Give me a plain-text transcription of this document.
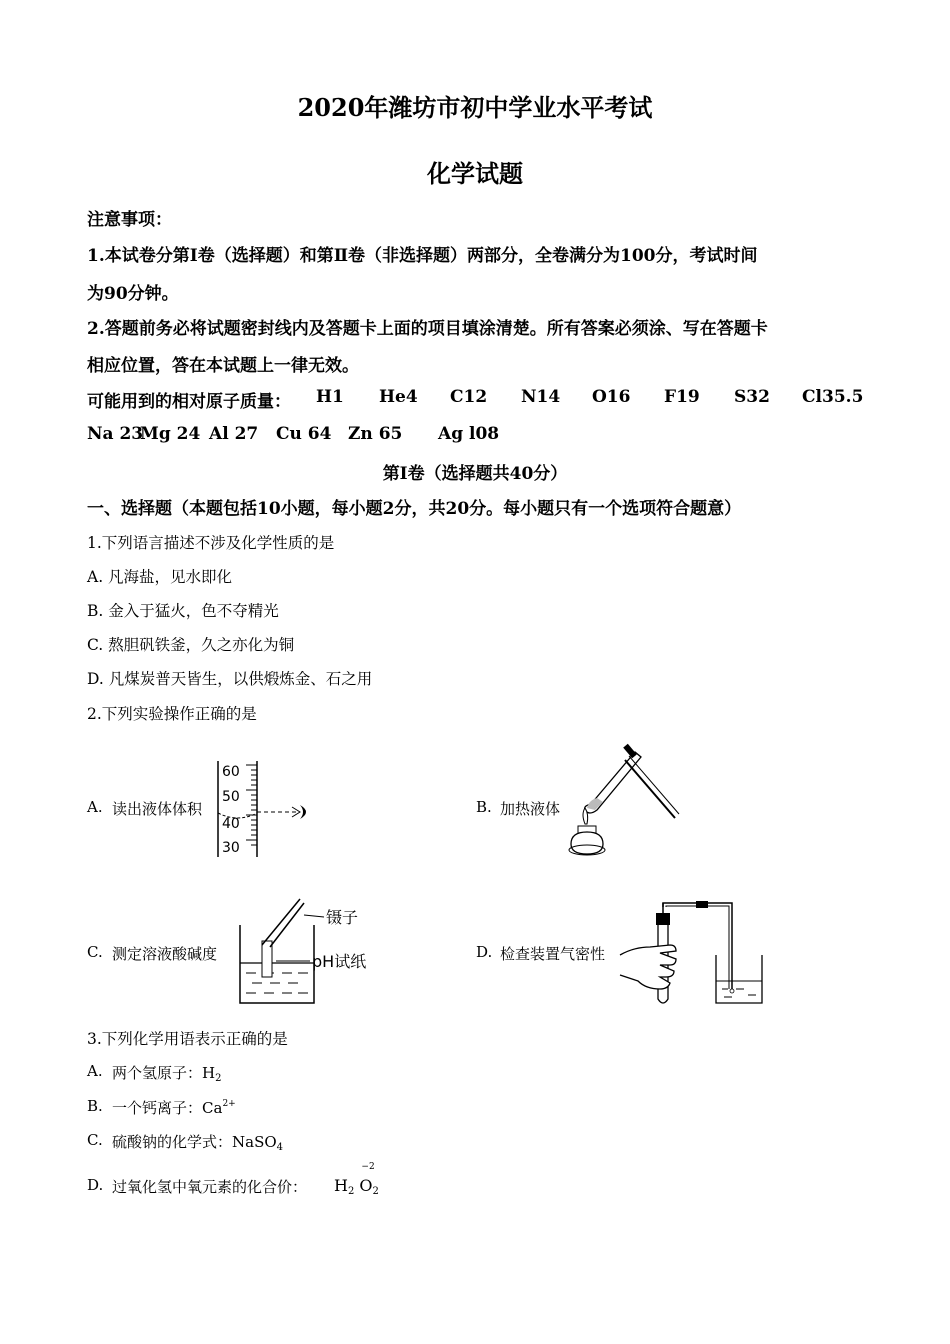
2020年潍坊市初中学业水平考试
化学试题
注意事项：
1.本试卷分第Ⅰ卷（选择题）和第Ⅱ卷（非选择题）两部分，全卷满分为100分，考试时间
为90分钟。
2.答题前务必将试题密封线内及答题卡上面的项目填涂清楚。所有答案必须涂、写在答题卡
相应位置，答在本试题上一律无效。
可能用到的相对原子质量： H1 He4 C12 N14 O16 F19 S32 Cl35.5
Na 23
Mg 24 Al 27 Cu 64 Zn 65 Ag l08
第Ⅰ卷（选择题共40分）
一、选择题（本题包括10小题，每小题2分，共20分。每小题只有一个选项符合题意）
1.下列语言描述不涉及化学性质的是
A. 凡海盐，见水即化
B. 金入于猛火，色不夺精光
C. 熬胆矾铁釜，久之亦化为铜
D. 凡煤炭普天皆生，以供煅炼金、石之用
2.下列实验操作正确的是
A. 读出液体体积
60
50
40
30
B. 加热液体
C. 测定溶液酸碱度
镊子
pH试纸	D. 检查装置气密性
3.下列化学用语表示正确的是
A. 两个氢原子：$H_2$
B. 一个钙离子：$Ca^{2+}$
C. 硫酸钠的化学式：NaSO$_4$
D. 过氧化氢中氧元素的化合价： $H_2$
−2
$O_2$
